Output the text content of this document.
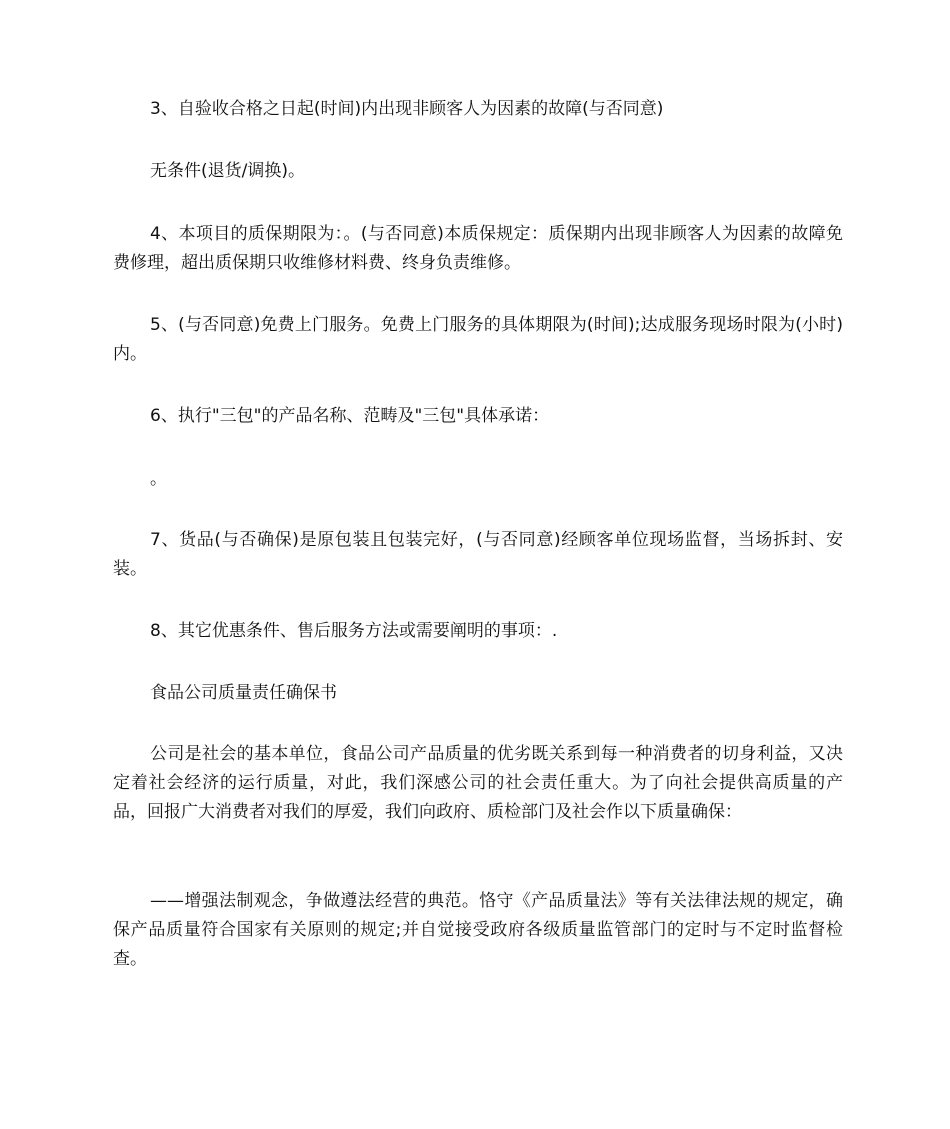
3、自验收合格之日起(时间)内出现非顾客人为因素的故障(与否同意)

无条件(退货/调换)。

4、本项目的质保期限为：。(与否同意)本质保规定：质保期内出现非顾客人为因素的故障免费修理，超出质保期只收维修材料费、终身负责维修。

5、(与否同意)免费上门服务。免费上门服务的具体期限为(时间);达成服务现场时限为(小时)内。

6、执行"三包"的产品名称、范畴及"三包"具体承诺：

。

7、货品(与否确保)是原包装且包装完好，(与否同意)经顾客单位现场监督，当场拆封、安装。

8、其它优惠条件、售后服务方法或需要阐明的事项：.

食品公司质量责任确保书

公司是社会的基本单位，食品公司产品质量的优劣既关系到每一种消费者的切身利益，又决定着社会经济的运行质量，对此，我们深感公司的社会责任重大。为了向社会提供高质量的产品，回报广大消费者对我们的厚爱，我们向政府、质检部门及社会作以下质量确保：

——增强法制观念，争做遵法经营的典范。恪守《产品质量法》等有关法律法规的规定，确保产品质量符合国家有关原则的规定;并自觉接受政府各级质量监管部门的定时与不定时监督检查。
